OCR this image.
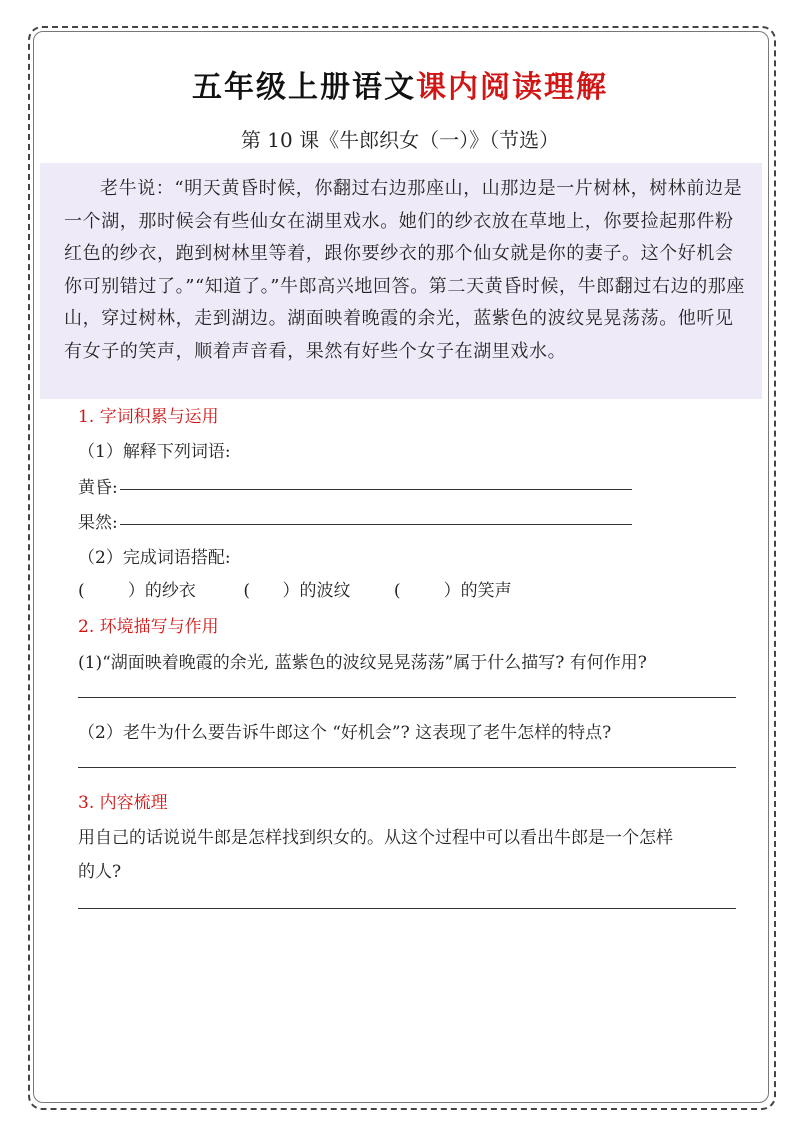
五年级上册语文课内阅读理解
第 10 课《牛郎织女（一）》（节选）
老牛说：“明天黄昏时候，你翻过右边那座山，山那边是一片树林，树林前边是一个湖，那时候会有些仙女在湖里戏水。她们的纱衣放在草地上，你要捡起那件粉红色的纱衣，跑到树林里等着，跟你要纱衣的那个仙女就是你的妻子。这个好机会你可别错过了。”“知道了。”牛郎高兴地回答。第二天黄昏时候，牛郎翻过右边的那座山，穿过树林，走到湖边。湖面映着晚霞的余光，蓝紫色的波纹晃晃荡荡。他听见有女子的笑声，顺着声音看，果然有好些个女子在湖里戏水。
1. 字词积累与运用
（1）解释下列词语:
黄昏:
果然:
（2）完成词语搭配:
(        ）的纱衣	(      ）的波纹	(        ）的笑声
2. 环境描写与作用
(1)“湖面映着晚霞的余光, 蓝紫色的波纹晃晃荡荡”属于什么描写? 有何作用?
（2）老牛为什么要告诉牛郎这个 “好机会”? 这表现了老牛怎样的特点?
3. 内容梳理
用自己的话说说牛郎是怎样找到织女的。从这个过程中可以看出牛郎是一个怎样
的人?
